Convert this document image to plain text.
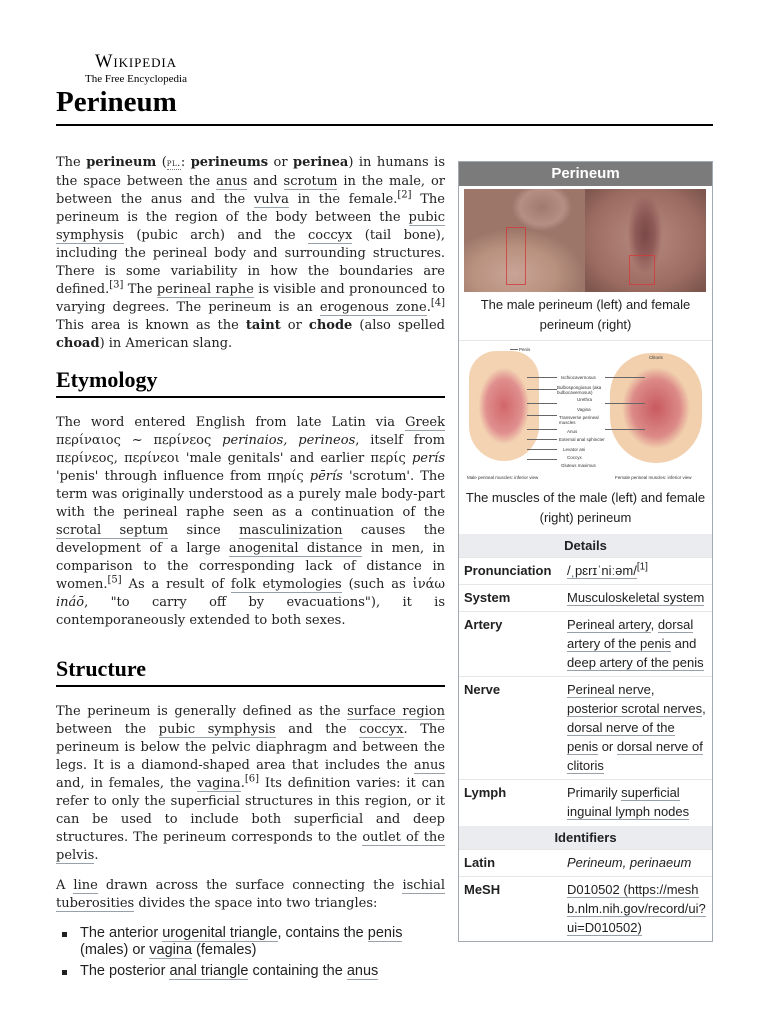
Wikipedia
The Free Encyclopedia
Perineum

The perineum (pl.: perineums or perinea) in humans is the space between the anus and scrotum in the male, or between the anus and the vulva in the female.[2] The perineum is the region of the body between the pubic symphysis (pubic arch) and the coccyx (tail bone), including the perineal body and surrounding structures. There is some variability in how the boundaries are defined.[3] The perineal raphe is visible and pronounced to varying degrees. The perineum is an erogenous zone.[4] This area is known as the taint or chode (also spelled choad) in American slang.

Etymology

The word entered English from late Latin via Greek περίναιος ~ περίνεος perinaios, perineos, itself from περίνεος, περίνεοι 'male genitals' and earlier περίς perís 'penis' through influence from πηρίς pērís 'scrotum'. The term was originally understood as a purely male body-part with the perineal raphe seen as a continuation of the scrotal septum since masculinization causes the development of a large anogenital distance in men, in comparison to the corresponding lack of distance in women.[5] As a result of folk etymologies (such as ἰνάω ináō, "to carry off by evacuations"), it is contemporaneously extended to both sexes.

Structure

The perineum is generally defined as the surface region between the pubic symphysis and the coccyx. The perineum is below the pelvic diaphragm and between the legs. It is a diamond-shaped area that includes the anus and, in females, the vagina.[6] Its definition varies: it can refer to only the superficial structures in this region, or it can be used to include both superficial and deep structures. The perineum corresponds to the outlet of the pelvis.

A line drawn across the surface connecting the ischial tuberosities divides the space into two triangles:

The anterior urogenital triangle, contains the penis (males) or vagina (females)
The posterior anal triangle containing the anus
Perineum
The male perineum (left) and female perineum (right)
Penis
Clitoris
Ischiocavernosus
Bulbospongiosus (aka bulbocavernosus)
Urethra
Vagina
Transverse perineal muscles
Anus
External anal sphincter
Levator ani
Coccyx
Gluteus maximus
Male perineal muscles: inferior view	Female perineal muscles: inferior view
The muscles of the male (left) and female (right) perineum
Details
Pronunciation	/ˌpɛrɪˈniːəm/[1]
System	Musculoskeletal system
Artery	Perineal artery, dorsal artery of the penis and deep artery of the penis
Nerve	Perineal nerve, posterior scrotal nerves, dorsal nerve of the penis or dorsal nerve of clitoris
Lymph	Primarily superficial inguinal lymph nodes
Identifiers
Latin	Perineum, perinaeum
MeSH	D010502 (https://meshb.nlm.nih.gov/record/ui?ui=D010502)
